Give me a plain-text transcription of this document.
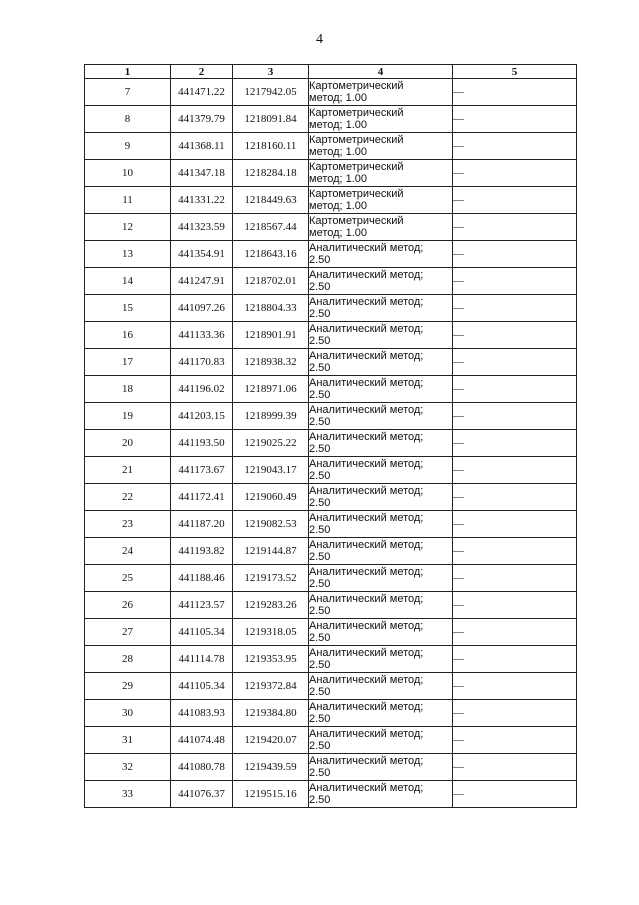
4
1	2	3	4	5
7	441471.22	1217942.05	Картометрический
метод; 1.00	—
8	441379.79	1218091.84	Картометрический
метод; 1.00	—
9	441368.11	1218160.11	Картометрический
метод; 1.00	—
10	441347.18	1218284.18	Картометрический
метод; 1.00	—
11	441331.22	1218449.63	Картометрический
метод; 1.00	—
12	441323.59	1218567.44	Картометрический
метод; 1.00	—
13	441354.91	1218643.16	Аналитический метод;
2.50	—
14	441247.91	1218702.01	Аналитический метод;
2.50	—
15	441097.26	1218804.33	Аналитический метод;
2.50	—
16	441133.36	1218901.91	Аналитический метод;
2.50	—
17	441170.83	1218938.32	Аналитический метод;
2.50	—
18	441196.02	1218971.06	Аналитический метод;
2.50	—
19	441203.15	1218999.39	Аналитический метод;
2.50	—
20	441193.50	1219025.22	Аналитический метод;
2.50	—
21	441173.67	1219043.17	Аналитический метод;
2.50	—
22	441172.41	1219060.49	Аналитический метод;
2.50	—
23	441187.20	1219082.53	Аналитический метод;
2.50	—
24	441193.82	1219144.87	Аналитический метод;
2.50	—
25	441188.46	1219173.52	Аналитический метод;
2.50	—
26	441123.57	1219283.26	Аналитический метод;
2.50	—
27	441105.34	1219318.05	Аналитический метод;
2.50	—
28	441114.78	1219353.95	Аналитический метод;
2.50	—
29	441105.34	1219372.84	Аналитический метод;
2.50	—
30	441083.93	1219384.80	Аналитический метод;
2.50	—
31	441074.48	1219420.07	Аналитический метод;
2.50	—
32	441080.78	1219439.59	Аналитический метод;
2.50	—
33	441076.37	1219515.16	Аналитический метод;
2.50	—
